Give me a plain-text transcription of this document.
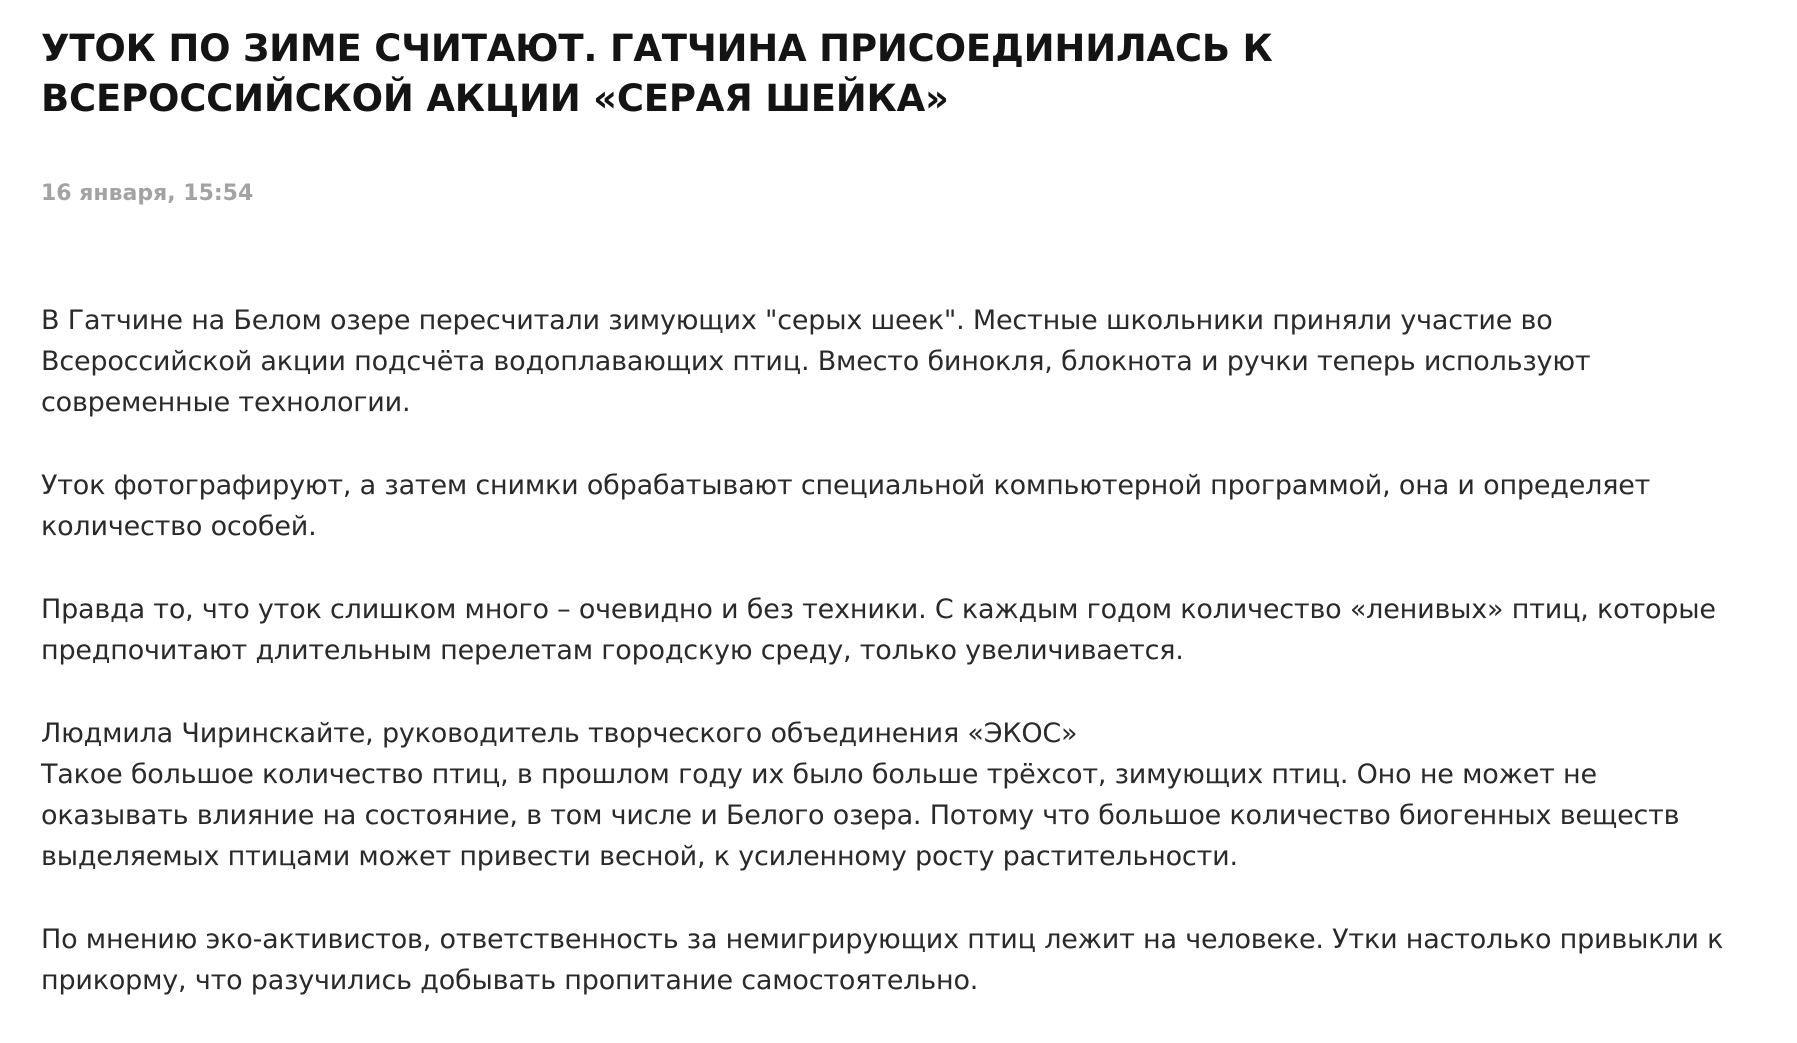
УТОК ПО ЗИМЕ СЧИТАЮТ. ГАТЧИНА ПРИСОЕДИНИЛАСЬ К
ВСЕРОССИЙСКОЙ АКЦИИ «СЕРАЯ ШЕЙКА»
16 января, 15:54

В Гатчине на Белом озере пересчитали зимующих "серых шеек". Местные школьники приняли участие во Всероссийской акции подсчёта водоплавающих птиц. Вместо бинокля, блокнота и ручки теперь используют современные технологии.

Уток фотографируют, а затем снимки обрабатывают специальной компьютерной программой, она и определяет количество особей.

Правда то, что уток слишком много – очевидно и без техники. С каждым годом количество «ленивых» птиц, которые предпочитают длительным перелетам городскую среду, только увеличивается.

Людмила Чиринскайте, руководитель творческого объединения «ЭКОС»
Такое большое количество птиц, в прошлом году их было больше трёхсот, зимующих птиц. Оно не может не оказывать влияние на состояние, в том числе и Белого озера. Потому что большое количество биогенных веществ выделяемых птицами может привести весной, к усиленному росту растительности.

По мнению эко-активистов, ответственность за немигрирующих птиц лежит на человеке. Утки настолько привыкли к прикорму, что разучились добывать пропитание самостоятельно.
